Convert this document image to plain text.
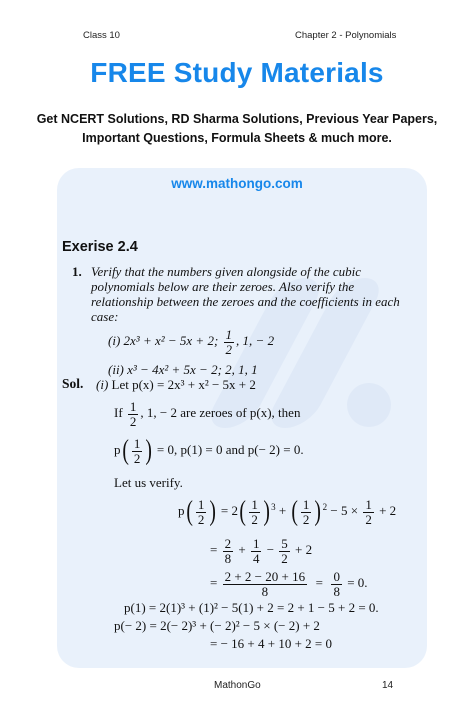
Class 10	Chapter 2 - Polynomials
FREE Study Materials
Get NCERT Solutions, RD Sharma Solutions, Previous Year Papers,
Important Questions, Formula Sheets & much more.
www.mathongo.com
Exerise 2.4
1. Verify that the numbers given alongside of the cubic
polynomials below are their zeroes. Also verify the
relationship between the zeroes and the coefficients in each
case:
(i) 2x³ + x² − 5x + 2; $\frac{1}{2}$ , 1, − 2
(ii) x³ − 4x² + 5x − 2; 2, 1, 1
Sol. (i) Let p(x) = 2x³ + x² − 5x + 2
If $\frac{1}{2}$ , 1, − 2 are zeroes of p(x), then
$p( \frac{1}{2}$ ) = 0, p(1) = 0 and p(− 2) = 0.
Let us verify.
$p( \frac{1}{2}$ ) = $2( \frac{1}{2} )^3$ + ( $\frac{1}{2} )^2 - 5 \times \frac{1}{2} + 2$
= $\frac{2}{8} + \frac{1}{4} - \frac{5}{2} + 2$
= $\frac{2 + 2 - 20 + 16}{8} = \frac{0}{8} = 0$.
p(1) = 2(1)³ + (1)² − 5(1) + 2 = 2 + 1 − 5 + 2 = 0.
p(− 2) = 2(− 2)³ + (− 2)² − 5 × (− 2) + 2
= − 16 + 4 + 10 + 2 = 0
MathonGo	14
